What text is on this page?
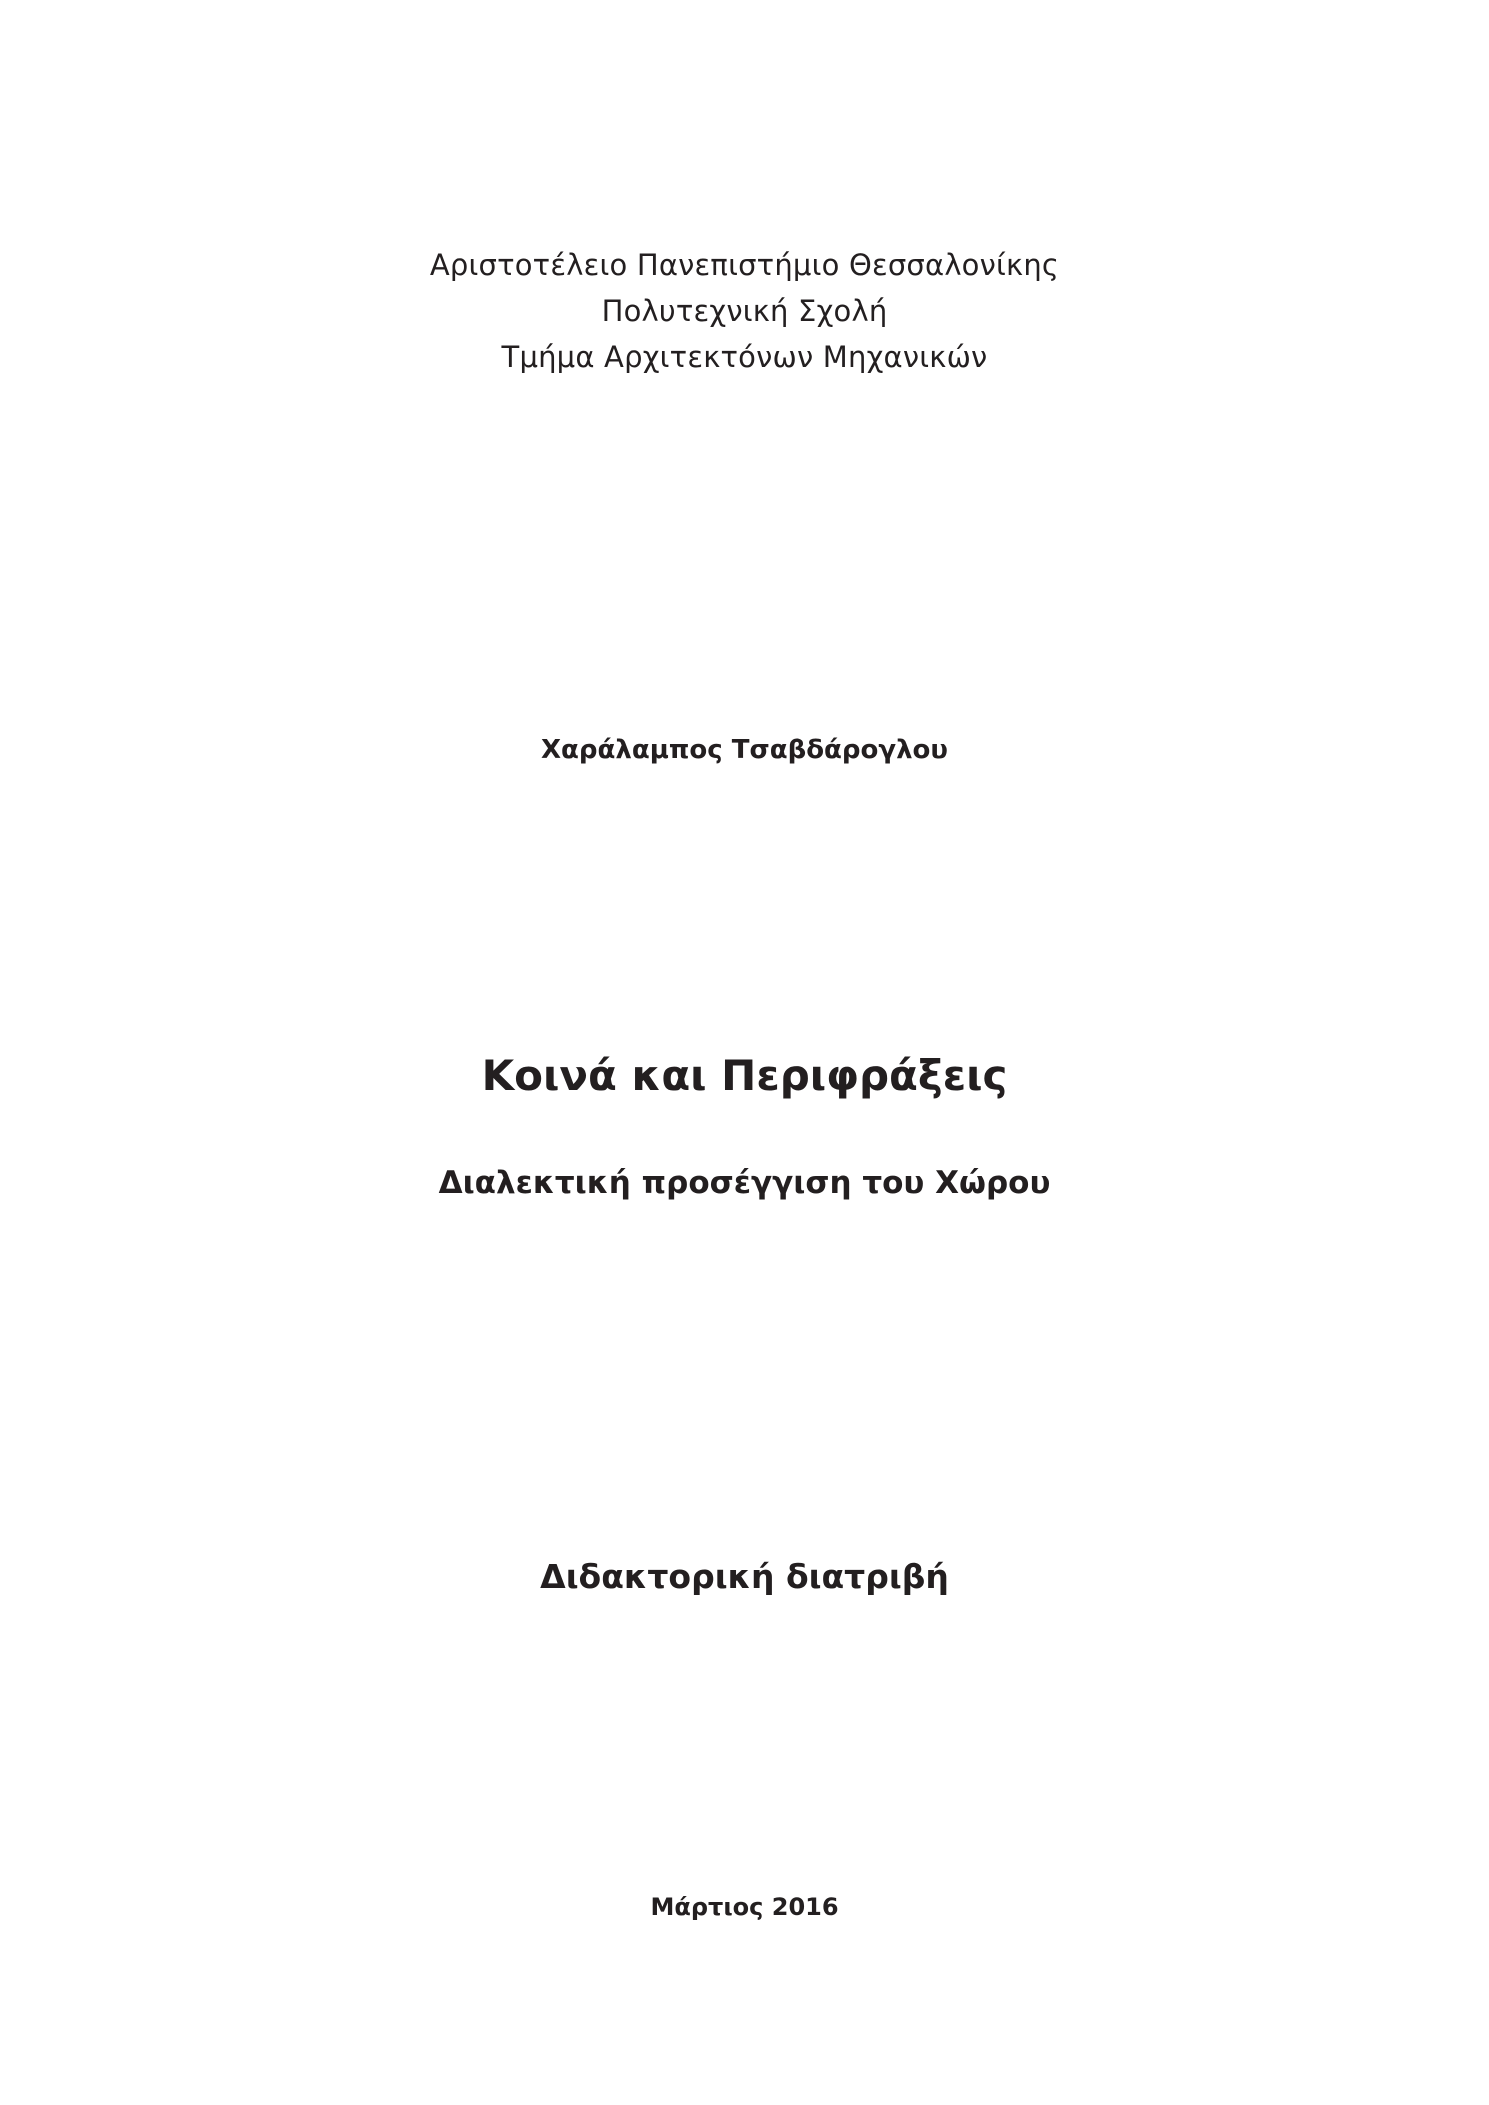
Αριστοτέλειο Πανεπιστήμιο Θεσσαλονίκης
Πολυτεχνική Σχολή
Τμήμα Αρχιτεκτόνων Μηχανικών
Χαράλαμπος Τσαβδάρογλου
Κοινά και Περιφράξεις
Διαλεκτική προσέγγιση του Χώρου
Διδακτορική διατριβή
Μάρτιος 2016
